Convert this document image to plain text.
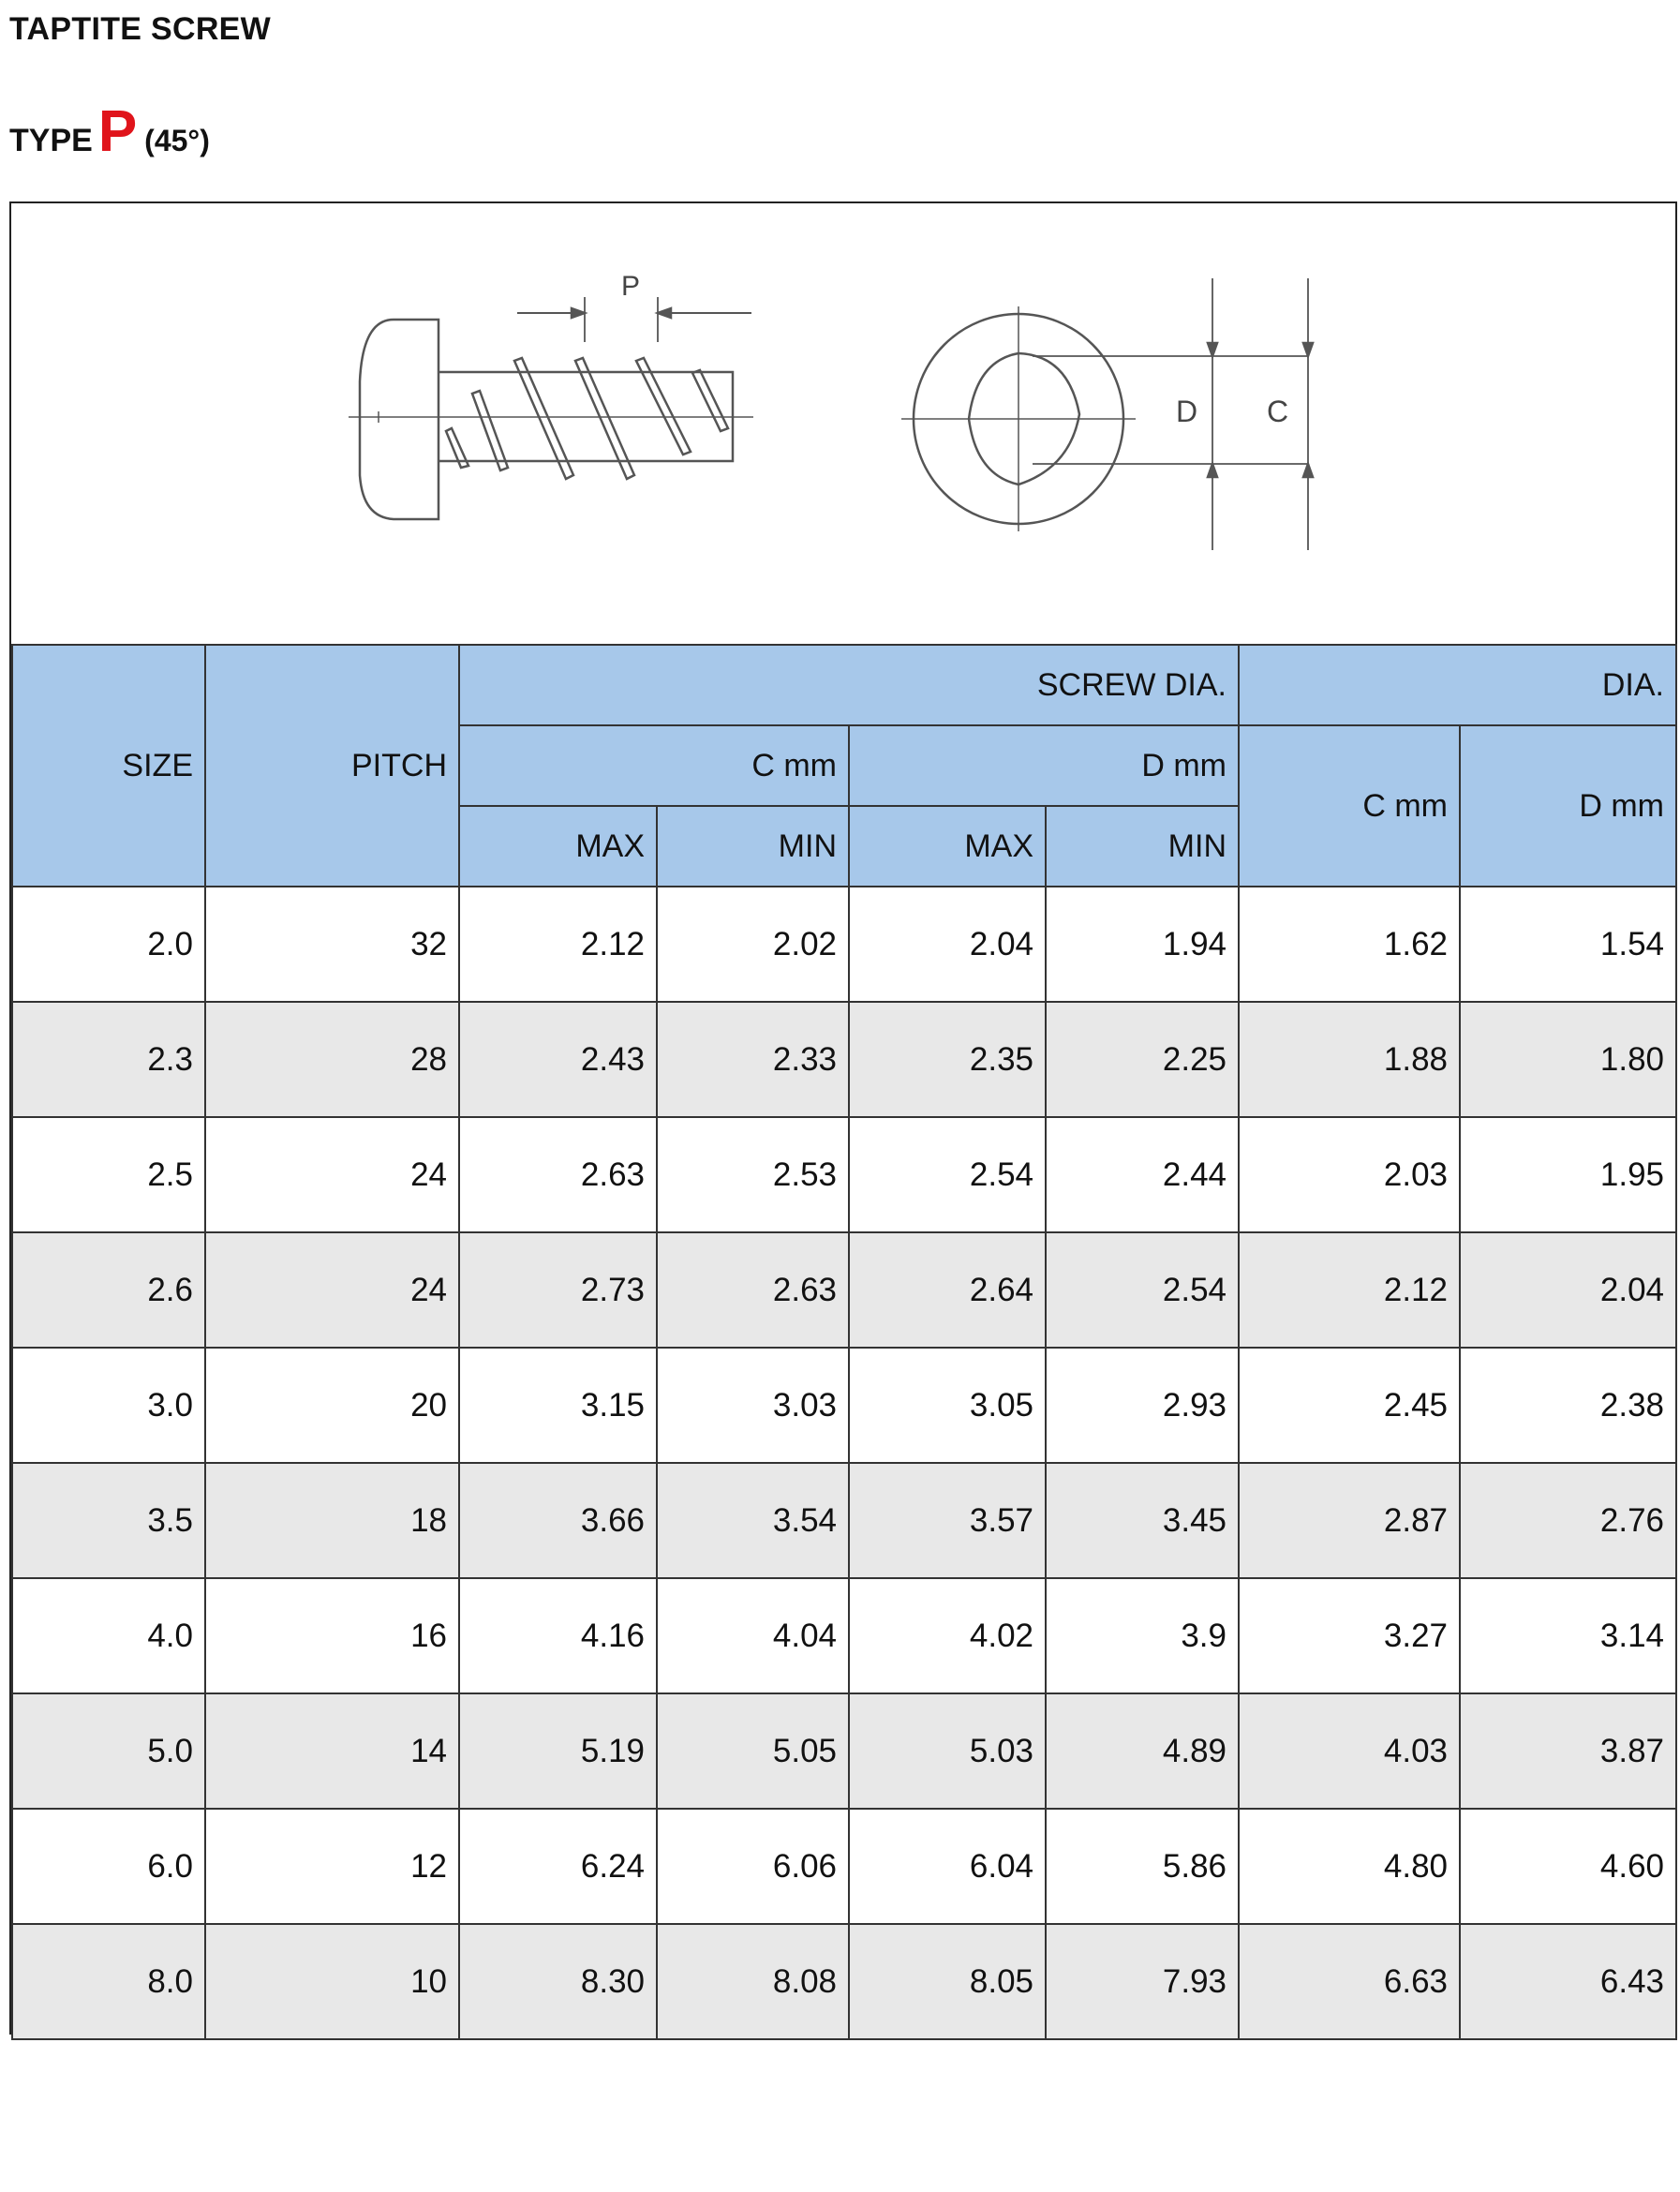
TAPTITE SCREW
TYPE P (45°)
P
D C
SIZE	PITCH	SCREW DIA.				DIA.	
		C mm		D mm		C mm	D mm
		MAX	MIN	MAX	MIN		
2.0	32	2.12	2.02	2.04	1.94	1.62	1.54
2.3	28	2.43	2.33	2.35	2.25	1.88	1.80
2.5	24	2.63	2.53	2.54	2.44	2.03	1.95
2.6	24	2.73	2.63	2.64	2.54	2.12	2.04
3.0	20	3.15	3.03	3.05	2.93	2.45	2.38
3.5	18	3.66	3.54	3.57	3.45	2.87	2.76
4.0	16	4.16	4.04	4.02	3.9	3.27	3.14
5.0	14	5.19	5.05	5.03	4.89	4.03	3.87
6.0	12	6.24	6.06	6.04	5.86	4.80	4.60
8.0	10	8.30	8.08	8.05	7.93	6.63	6.43
